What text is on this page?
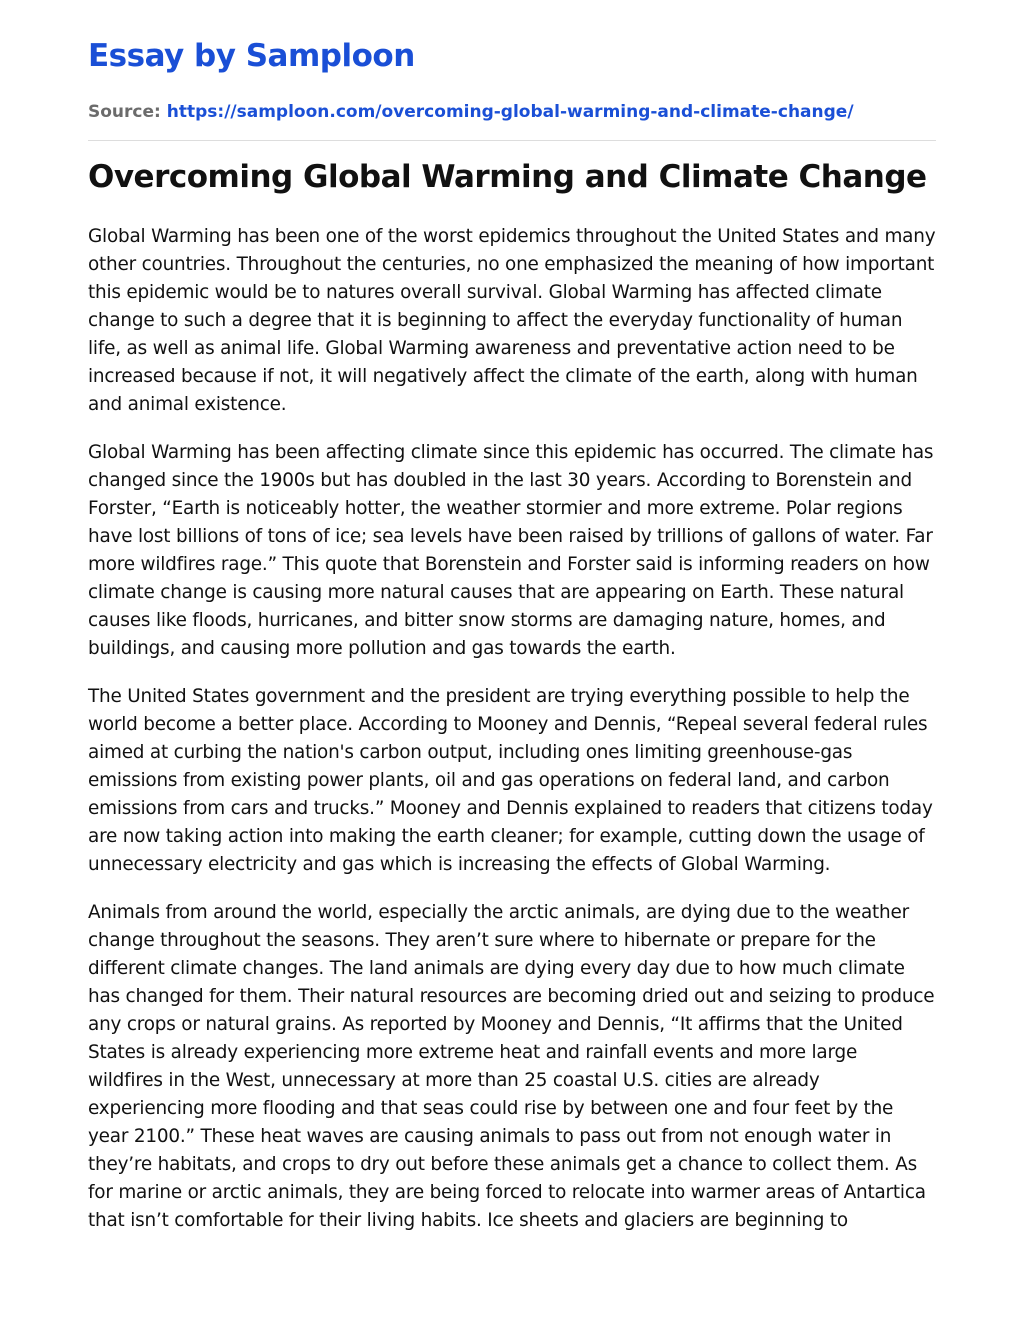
Essay by Samploon
Source: https://samploon.com/overcoming-global-warming-and-climate-change/
Overcoming Global Warming and Climate Change

Global Warming has been one of the worst epidemics throughout the United States and many other countries. Throughout the centuries, no one emphasized the meaning of how important this epidemic would be to natures overall survival. Global Warming has affected climate change to such a degree that it is beginning to affect the everyday functionality of human life, as well as animal life. Global Warming awareness and preventative action need to be increased because if not, it will negatively affect the climate of the earth, along with human and animal existence.

Global Warming has been affecting climate since this epidemic has occurred. The climate has changed since the 1900s but has doubled in the last 30 years. According to Borenstein and Forster, “Earth is noticeably hotter, the weather stormier and more extreme. Polar regions have lost billions of tons of ice; sea levels have been raised by trillions of gallons of water. Far more wildfires rage.” This quote that Borenstein and Forster said is informing readers on how climate change is causing more natural causes that are appearing on Earth. These natural causes like floods, hurricanes, and bitter snow storms are damaging nature, homes, and buildings, and causing more pollution and gas towards the earth.

The United States government and the president are trying everything possible to help the world become a better place. According to Mooney and Dennis, “Repeal several federal rules aimed at curbing the nation's carbon output, including ones limiting greenhouse-gas emissions from existing power plants, oil and gas operations on federal land, and carbon emissions from cars and trucks.” Mooney and Dennis explained to readers that citizens today are now taking action into making the earth cleaner; for example, cutting down the usage of unnecessary electricity and gas which is increasing the effects of Global Warming.

Animals from around the world, especially the arctic animals, are dying due to the weather change throughout the seasons. They aren’t sure where to hibernate or prepare for the different climate changes. The land animals are dying every day due to how much climate has changed for them. Their natural resources are becoming dried out and seizing to produce any crops or natural grains. As reported by Mooney and Dennis, “It affirms that the United States is already experiencing more extreme heat and rainfall events and more large wildfires in the West, unnecessary at more than 25 coastal U.S. cities are already experiencing more flooding and that seas could rise by between one and four feet by the year 2100.” These heat waves are causing animals to pass out from not enough water in they’re habitats, and crops to dry out before these animals get a chance to collect them. As for marine or arctic animals, they are being forced to relocate into warmer areas of Antartica that isn’t comfortable for their living habits. Ice sheets and glaciers are beginning to
